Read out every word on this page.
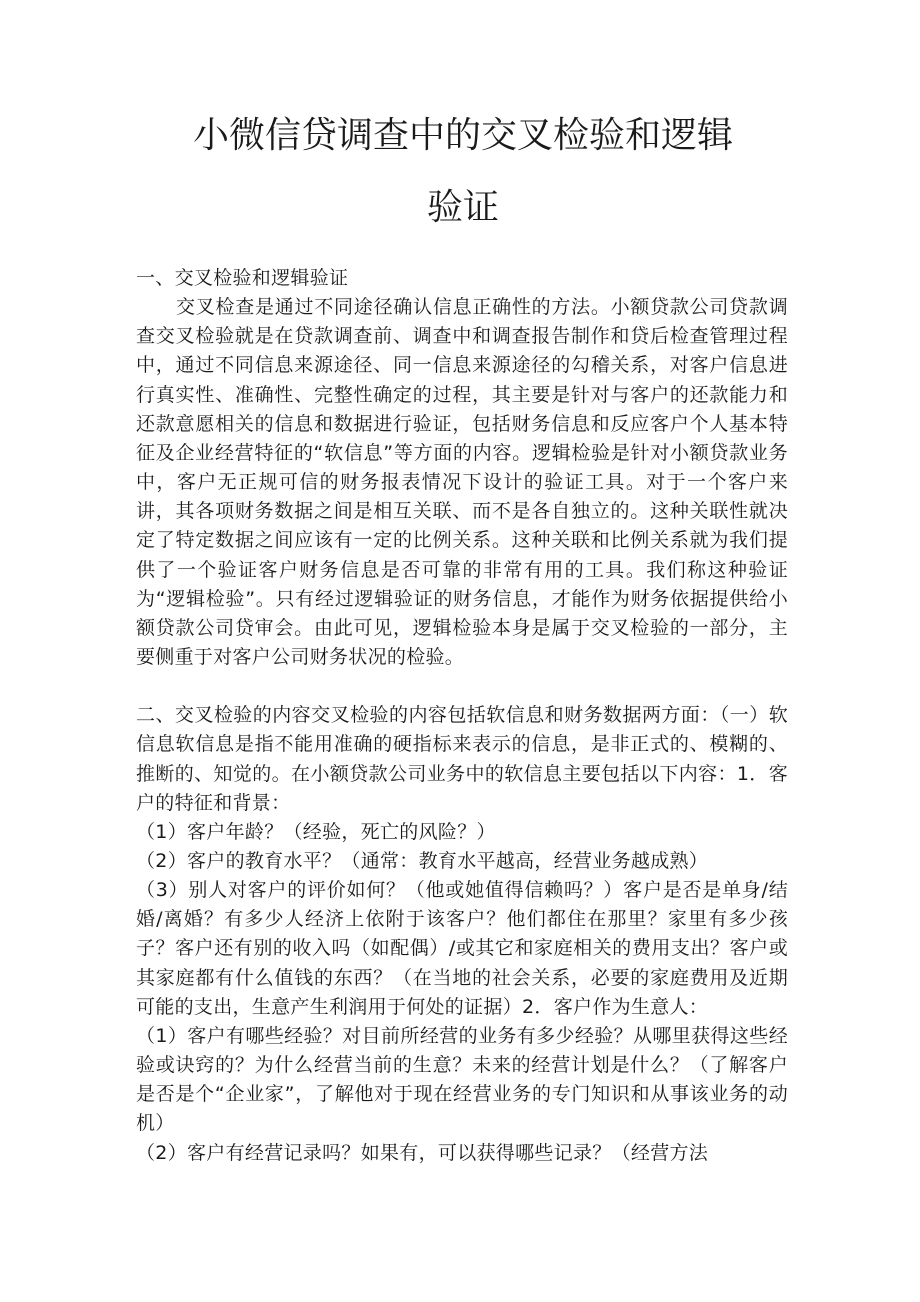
小微信贷调查中的交叉检验和逻辑
验证

一、交叉检验和逻辑验证

交叉检查是通过不同途径确认信息正确性的方法。小额贷款公司贷款调查交叉检验就是在贷款调查前、调查中和调查报告制作和贷后检查管理过程中，通过不同信息来源途径、同一信息来源途径的勾稽关系，对客户信息进行真实性、准确性、完整性确定的过程，其主要是针对与客户的还款能力和还款意愿相关的信息和数据进行验证，包括财务信息和反应客户个人基本特征及企业经营特征的“软信息”等方面的内容。逻辑检验是针对小额贷款业务中，客户无正规可信的财务报表情况下设计的验证工具。对于一个客户来讲，其各项财务数据之间是相互关联、而不是各自独立的。这种关联性就决定了特定数据之间应该有一定的比例关系。这种关联和比例关系就为我们提供了一个验证客户财务信息是否可靠的非常有用的工具。我们称这种验证为“逻辑检验”。只有经过逻辑验证的财务信息，才能作为财务依据提供给小额贷款公司贷审会。由此可见，逻辑检验本身是属于交叉检验的一部分，主要侧重于对客户公司财务状况的检验。

二、交叉检验的内容交叉检验的内容包括软信息和财务数据两方面：（一）软信息软信息是指不能用准确的硬指标来表示的信息，是非正式的、模糊的、推断的、知觉的。在小额贷款公司业务中的软信息主要包括以下内容：1．客户的特征和背景：

（1）客户年龄？（经验，死亡的风险？）

（2）客户的教育水平？（通常：教育水平越高，经营业务越成熟）

（3）别人对客户的评价如何？（他或她值得信赖吗？）客户是否是单身/结婚/离婚？有多少人经济上依附于该客户？他们都住在那里？家里有多少孩子？客户还有别的收入吗（如配偶）/或其它和家庭相关的费用支出？客户或其家庭都有什么值钱的东西？（在当地的社会关系，必要的家庭费用及近期可能的支出，生意产生利润用于何处的证据）2．客户作为生意人：

（1）客户有哪些经验？对目前所经营的业务有多少经验？从哪里获得这些经验或诀窍的？为什么经营当前的生意？未来的经营计划是什么？（了解客户是否是个“企业家”，了解他对于现在经营业务的专门知识和从事该业务的动机）

（2）客户有经营记录吗？如果有，可以获得哪些记录？（经营方法
